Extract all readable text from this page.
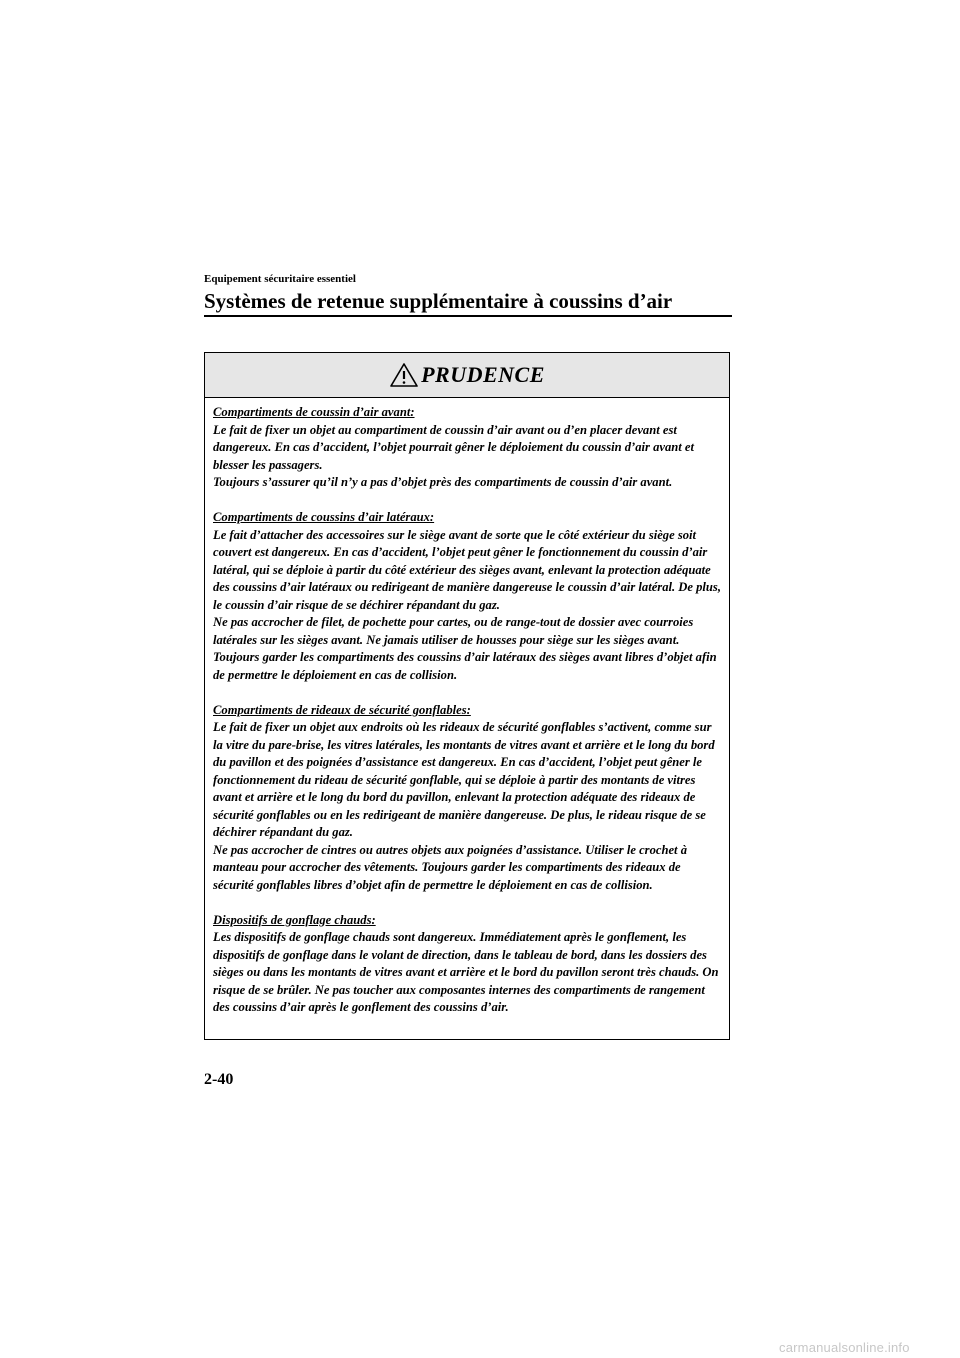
Equipement sécuritaire essentiel
Systèmes de retenue supplémentaire à coussins d’air
PRUDENCE
Compartiments de coussin d’air avant:
Le fait de fixer un objet au compartiment de coussin d’air avant ou d’en placer devant est dangereux. En cas d’accident, l’objet pourrait gêner le déploiement du coussin d’air avant et blesser les passagers.
Toujours s’assurer qu’il n’y a pas d’objet près des compartiments de coussin d’air avant.
Compartiments de coussins d’air latéraux:
Le fait d’attacher des accessoires sur le siège avant de sorte que le côté extérieur du siège soit couvert est dangereux. En cas d’accident, l’objet peut gêner le fonctionnement du coussin d’air latéral, qui se déploie à partir du côté extérieur des sièges avant, enlevant la protection adéquate des coussins d’air latéraux ou redirigeant de manière dangereuse le coussin d’air latéral. De plus, le coussin d’air risque de se déchirer répandant du gaz.
Ne pas accrocher de filet, de pochette pour cartes, ou de range-tout de dossier avec courroies latérales sur les sièges avant. Ne jamais utiliser de housses pour siège sur les sièges avant. Toujours garder les compartiments des coussins d’air latéraux des sièges avant libres d’objet afin de permettre le déploiement en cas de collision.
Compartiments de rideaux de sécurité gonflables:
Le fait de fixer un objet aux endroits où les rideaux de sécurité gonflables s’activent, comme sur la vitre du pare-brise, les vitres latérales, les montants de vitres avant et arrière et le long du bord du pavillon et des poignées d’assistance est dangereux. En cas d’accident, l’objet peut gêner le fonctionnement du rideau de sécurité gonflable, qui se déploie à partir des montants de vitres avant et arrière et le long du bord du pavillon, enlevant la protection adéquate des rideaux de sécurité gonflables ou en les redirigeant de manière dangereuse. De plus, le rideau risque de se déchirer répandant du gaz.
Ne pas accrocher de cintres ou autres objets aux poignées d’assistance. Utiliser le crochet à manteau pour accrocher des vêtements. Toujours garder les compartiments des rideaux de sécurité gonflables libres d’objet afin de permettre le déploiement en cas de collision.
Dispositifs de gonflage chauds:
Les dispositifs de gonflage chauds sont dangereux. Immédiatement après le gonflement, les dispositifs de gonflage dans le volant de direction, dans le tableau de bord, dans les dossiers des sièges ou dans les montants de vitres avant et arrière et le bord du pavillon seront très chauds. On risque de se brûler. Ne pas toucher aux composantes internes des compartiments de rangement des coussins d’air après le gonflement des coussins d’air.
2-40
carmanualsonline.info
